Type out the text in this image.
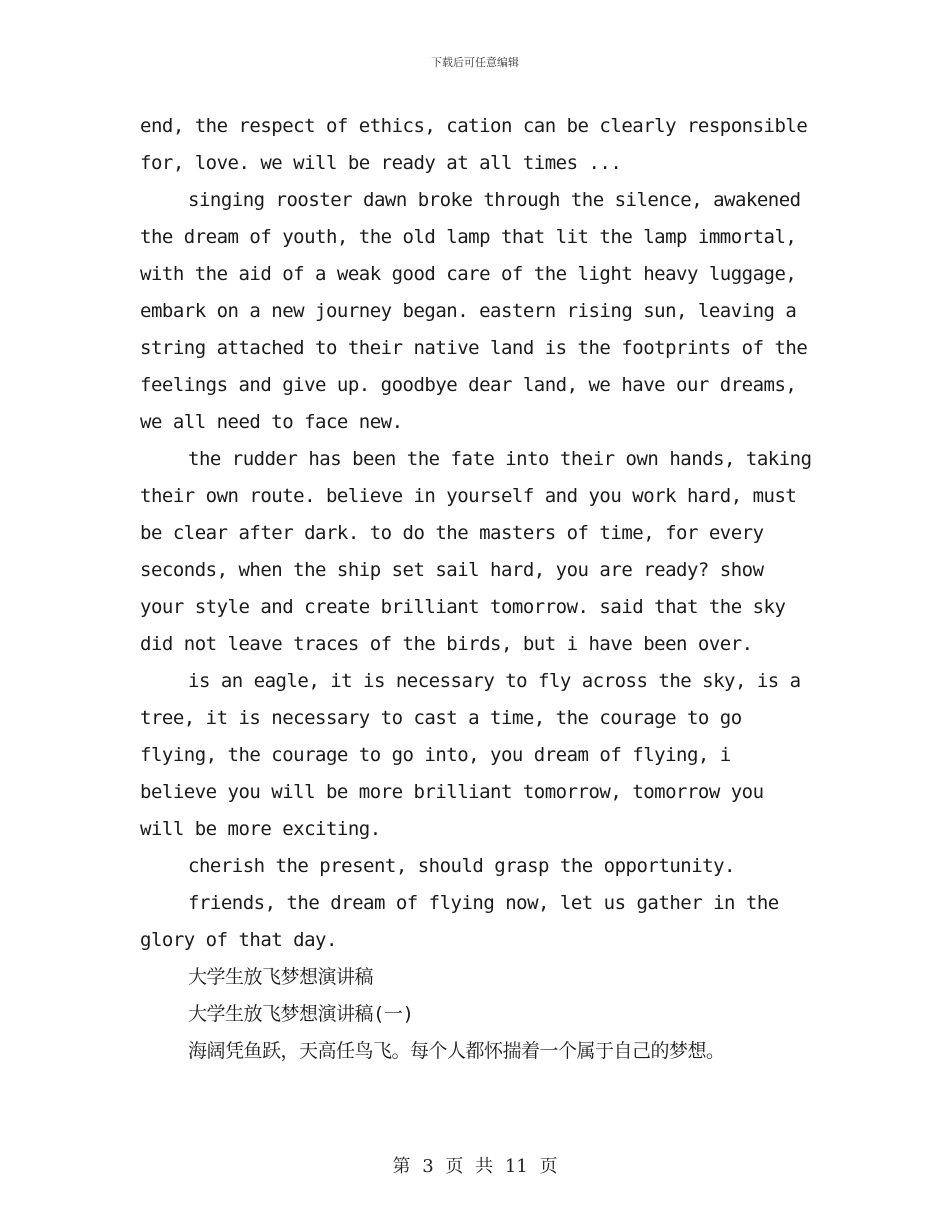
下载后可任意编辑
end, the respect of ethics, cation can be clearly responsible
for, love. we will be ready at all times ...
singing rooster dawn broke through the silence, awakened
the dream of youth, the old lamp that lit the lamp immortal,
with the aid of a weak good care of the light heavy luggage,
embark on a new journey began. eastern rising sun, leaving a
string attached to their native land is the footprints of the
feelings and give up. goodbye dear land, we have our dreams,
we all need to face new.
the rudder has been the fate into their own hands, taking
their own route. believe in yourself and you work hard, must
be clear after dark. to do the masters of time, for every
seconds, when the ship set sail hard, you are ready? show
your style and create brilliant tomorrow. said that the sky
did not leave traces of the birds, but i have been over.
is an eagle, it is necessary to fly across the sky, is a
tree, it is necessary to cast a time, the courage to go
flying, the courage to go into, you dream of flying, i
believe you will be more brilliant tomorrow, tomorrow you
will be more exciting.
cherish the present, should grasp the opportunity.
friends, the dream of flying now, let us gather in the
glory of that day.
大学生放飞梦想演讲稿
大学生放飞梦想演讲稿(一)
海阔凭鱼跃，天高任鸟飞。每个人都怀揣着一个属于自己的梦想。
第 3 页 共 11 页
